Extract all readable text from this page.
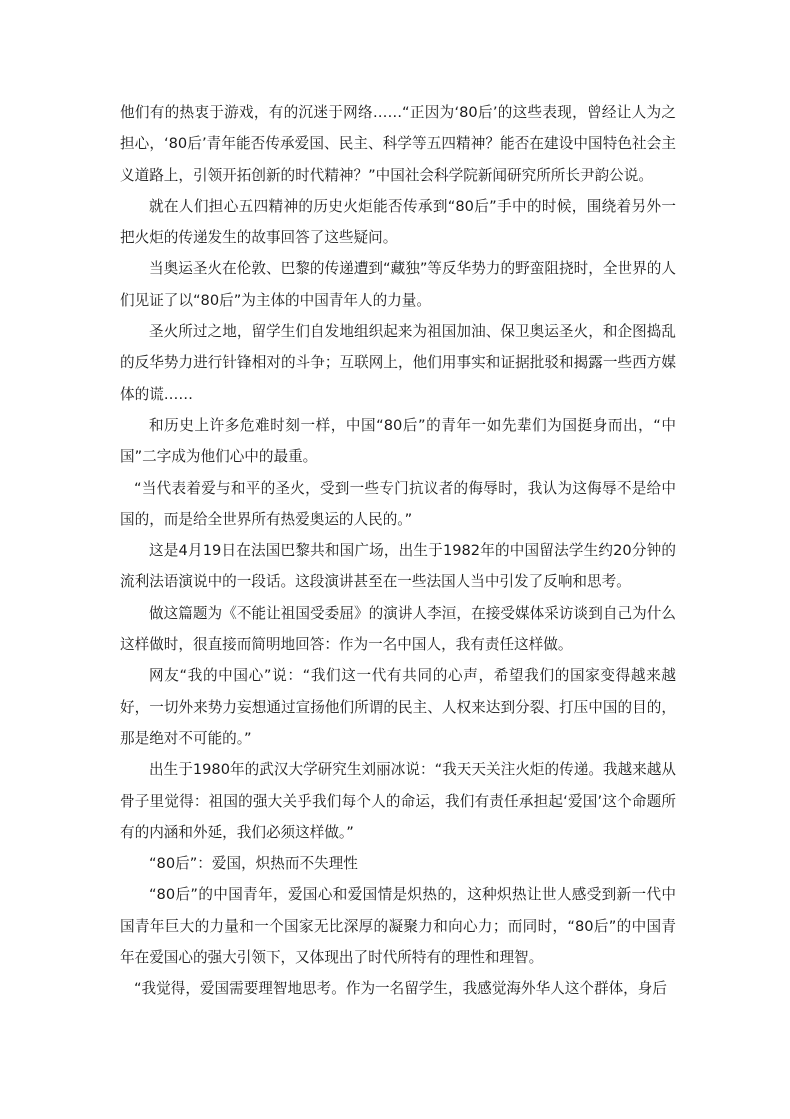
他们有的热衷于游戏，有的沉迷于网络……“正因为‘80后’的这些表现，曾经让人为之担心，‘80后’青年能否传承爱国、民主、科学等五四精神？能否在建设中国特色社会主义道路上，引领开拓创新的时代精神？”中国社会科学院新闻研究所所长尹韵公说。

就在人们担心五四精神的历史火炬能否传承到“80后”手中的时候，围绕着另外一把火炬的传递发生的故事回答了这些疑问。

当奥运圣火在伦敦、巴黎的传递遭到“藏独”等反华势力的野蛮阻挠时，全世界的人们见证了以“80后”为主体的中国青年人的力量。

圣火所过之地，留学生们自发地组织起来为祖国加油、保卫奥运圣火，和企图捣乱的反华势力进行针锋相对的斗争；互联网上，他们用事实和证据批驳和揭露一些西方媒体的谎……

和历史上许多危难时刻一样，中国“80后”的青年一如先辈们为国挺身而出，“中国”二字成为他们心中的最重。

“当代表着爱与和平的圣火，受到一些专门抗议者的侮辱时，我认为这侮辱不是给中国的，而是给全世界所有热爱奥运的人民的。”

这是4月19日在法国巴黎共和国广场，出生于1982年的中国留法学生约20分钟的流利法语演说中的一段话。这段演讲甚至在一些法国人当中引发了反响和思考。

做这篇题为《不能让祖国受委屈》的演讲人李洹，在接受媒体采访谈到自己为什么这样做时，很直接而简明地回答：作为一名中国人，我有责任这样做。

网友“我的中国心”说：“我们这一代有共同的心声，希望我们的国家变得越来越好，一切外来势力妄想通过宣扬他们所谓的民主、人权来达到分裂、打压中国的目的，那是绝对不可能的。”

出生于1980年的武汉大学研究生刘丽冰说：“我天天关注火炬的传递。我越来越从骨子里觉得：祖国的强大关乎我们每个人的命运，我们有责任承担起‘爱国’这个命题所有的内涵和外延，我们必须这样做。”

“80后”：爱国，炽热而不失理性

“80后”的中国青年，爱国心和爱国情是炽热的，这种炽热让世人感受到新一代中国青年巨大的力量和一个国家无比深厚的凝聚力和向心力；而同时，“80后”的中国青年在爱国心的强大引领下，又体现出了时代所特有的理性和理智。

“我觉得，爱国需要理智地思考。作为一名留学生，我感觉海外华人这个群体，身后
